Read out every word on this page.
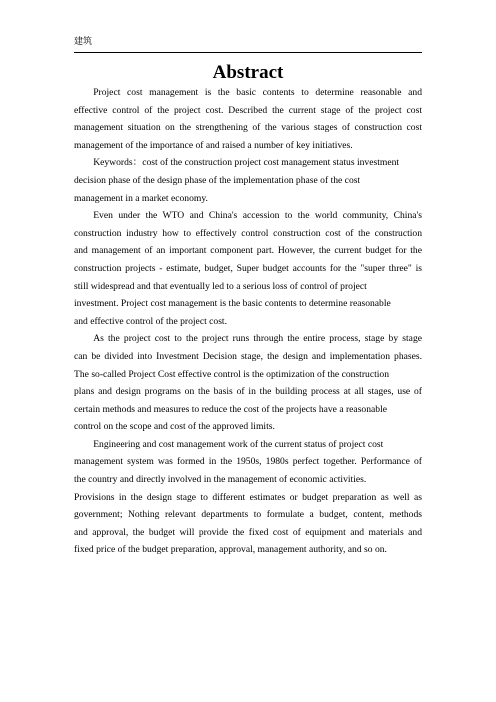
建筑
Abstract

Project cost management is the basic contents to determine reasonable and
effective control of the project cost. Described the current stage of the project cost
management situation on the strengthening of the various stages of construction cost
management of the importance of and raised a number of key initiatives.

Keywords：cost of the construction project cost management status investment
decision phase of the design phase of the implementation phase of the cost
management in a market economy.

Even under the WTO and China's accession to the world community, China's
construction industry how to effectively control construction cost of the construction
and management of an important component part. However, the current budget for the
construction projects - estimate, budget, Super budget accounts for the "super three" is
still widespread and that eventually led to a serious loss of control of project
investment. Project cost management is the basic contents to determine reasonable
and effective control of the project cost.

As the project cost to the project runs through the entire process, stage by stage
can be divided into Investment Decision stage, the design and implementation phases.
The so-called Project Cost effective control is the optimization of the construction
plans and design programs on the basis of in the building process at all stages, use of
certain methods and measures to reduce the cost of the projects have a reasonable
control on the scope and cost of the approved limits.

Engineering and cost management work of the current status of project cost
management system was formed in the 1950s, 1980s perfect together. Performance of
the country and directly involved in the management of economic activities.
Provisions in the design stage to different estimates or budget preparation as well as
government; Nothing relevant departments to formulate a budget, content, methods
and approval, the budget will provide the fixed cost of equipment and materials and
fixed price of the budget preparation, approval, management authority, and so on.
